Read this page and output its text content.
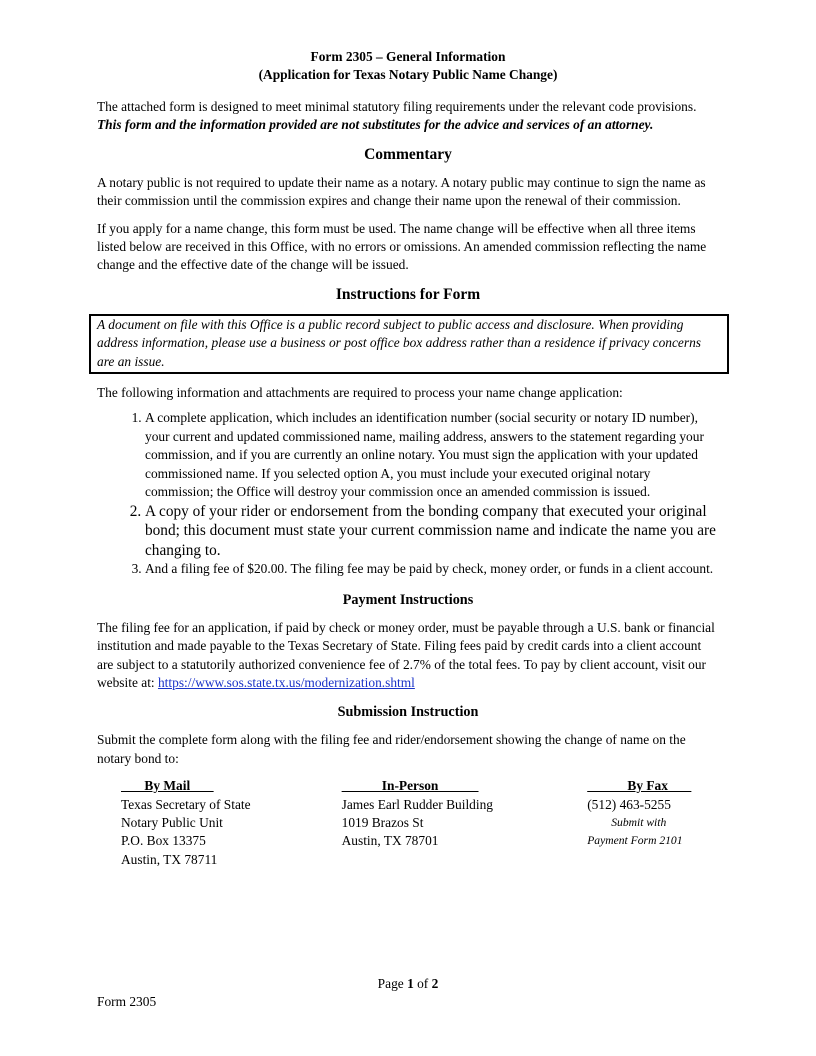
Form 2305 – General Information

(Application for Texas Notary Public Name Change)

The attached form is designed to meet minimal statutory filing requirements under the relevant code provisions. This form and the information provided are not substitutes for the advice and services of an attorney.

Commentary

A notary public is not required to update their name as a notary. A notary public may continue to sign the name as their commission until the commission expires and change their name upon the renewal of their commission.

If you apply for a name change, this form must be used. The name change will be effective when all three items listed below are received in this Office, with no errors or omissions. An amended commission reflecting the name change and the effective date of the change will be issued.

Instructions for Form
A document on file with this Office is a public record subject to public access and disclosure. When providing address information, please use a business or post office box address rather than a residence if privacy concerns are an issue.

The following information and attachments are required to process your name change application:

1. A complete application, which includes an identification number (social security or notary ID number), your current and updated commissioned name, mailing address, answers to the statement regarding your commission, and if you are currently an online notary. You must sign the application with your updated commissioned name. If you selected option A, you must include your executed original notary commission; the Office will destroy your commission once an amended commission is issued.
2. A copy of your rider or endorsement from the bonding company that executed your original bond; this document must state your current commission name and indicate the name you are changing to.
3. And a filing fee of $20.00. The filing fee may be paid by check, money order, or funds in a client account.
Payment Instructions

The filing fee for an application, if paid by check or money order, must be payable through a U.S. bank or financial institution and made payable to the Texas Secretary of State. Filing fees paid by credit cards into a client account are subject to a statutorily authorized convenience fee of 2.7% of the total fees. To pay by client account, visit our website at: https://www.sos.state.tx.us/modernization.shtml

Submission Instruction

Submit the complete form along with the filing fee and rider/endorsement showing the change of name on the notary bond to:

By Mail
Texas Secretary of State
Notary Public Unit
P.O. Box 13375
Austin, TX 78711
In-Person
James Earl Rudder Building
1019 Brazos St
Austin, TX 78701
By Fax
(512) 463-5255
Submit with
Payment Form 2101
Page 1 of 2
Form 2305
